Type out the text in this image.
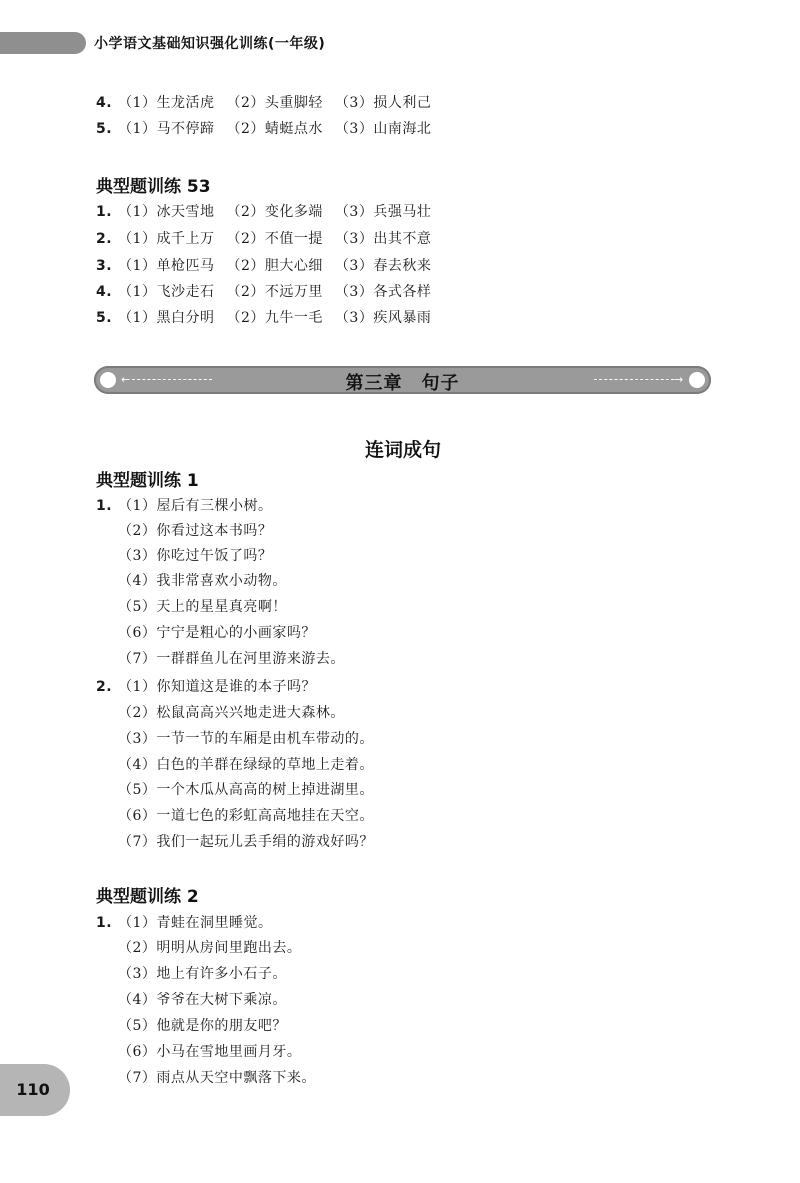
小学语文基础知识强化训练(一年级)
4. （1）生龙活虎 （2）头重脚轻 （3）损人利己
5. （1）马不停蹄 （2）蜻蜓点水 （3）山南海北
典型题训练 53
1. （1）冰天雪地 （2）变化多端 （3）兵强马壮
2. （1）成千上万 （2）不值一提 （3）出其不意
3. （1）单枪匹马 （2）胆大心细 （3）春去秋来
4. （1）飞沙走石 （2）不远万里 （3）各式各样
5. （1）黑白分明 （2）九牛一毛 （3）疾风暴雨
←	第三章　句子	→
连词成句
典型题训练 1
1. （1）屋后有三棵小树。
（2）你看过这本书吗？
（3）你吃过午饭了吗？
（4）我非常喜欢小动物。
（5）天上的星星真亮啊！
（6）宁宁是粗心的小画家吗？
（7）一群群鱼儿在河里游来游去。
2. （1）你知道这是谁的本子吗？
（2）松鼠高高兴兴地走进大森林。
（3）一节一节的车厢是由机车带动的。
（4）白色的羊群在绿绿的草地上走着。
（5）一个木瓜从高高的树上掉进湖里。
（6）一道七色的彩虹高高地挂在天空。
（7）我们一起玩儿丢手绢的游戏好吗？
典型题训练 2
1. （1）青蛙在洞里睡觉。
（2）明明从房间里跑出去。
（3）地上有许多小石子。
（4）爷爷在大树下乘凉。
（5）他就是你的朋友吧？
（6）小马在雪地里画月牙。
（7）雨点从天空中飘落下来。
110
